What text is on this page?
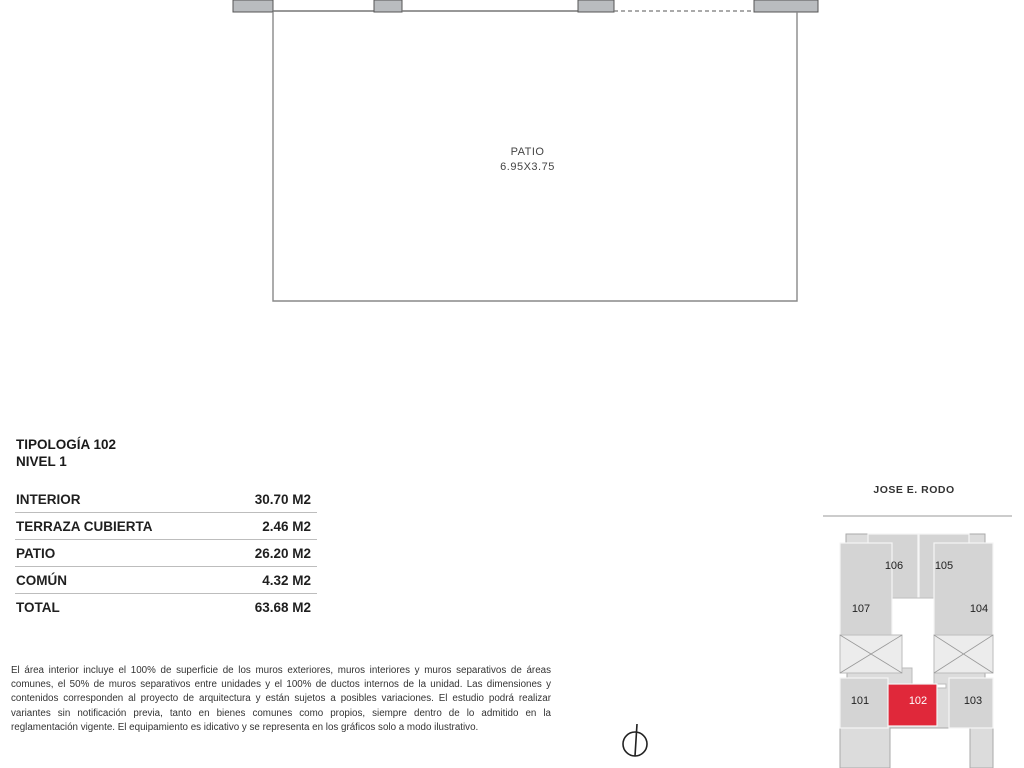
PATIO
6.95X3.75
TIPOLOGÍA 102
NIVEL 1
INTERIOR	30.70 M2
TERRAZA CUBIERTA	2.46 M2
PATIO	26.20 M2
COMÚN	4.32 M2
TOTAL	63.68 M2
El área interior incluye el 100% de superficie de los muros exteriores, muros interiores y muros separativos de áreas comunes, el 50% de muros separativos entre unidades y el 100% de ductos internos de la unidad. Las dimensiones y contenidos corresponden al proyecto de arquitectura y están sujetos a posibles variaciones. El estudio podrá realizar variantes sin notificación previa, tanto en bienes comunes como propios, siempre dentro de lo admitido en la reglamentación vigente. El equipamiento es idicativo y se representa en los gráficos solo a modo ilustrativo.
JOSE E. RODO
106	105
107	104
101	102	103
